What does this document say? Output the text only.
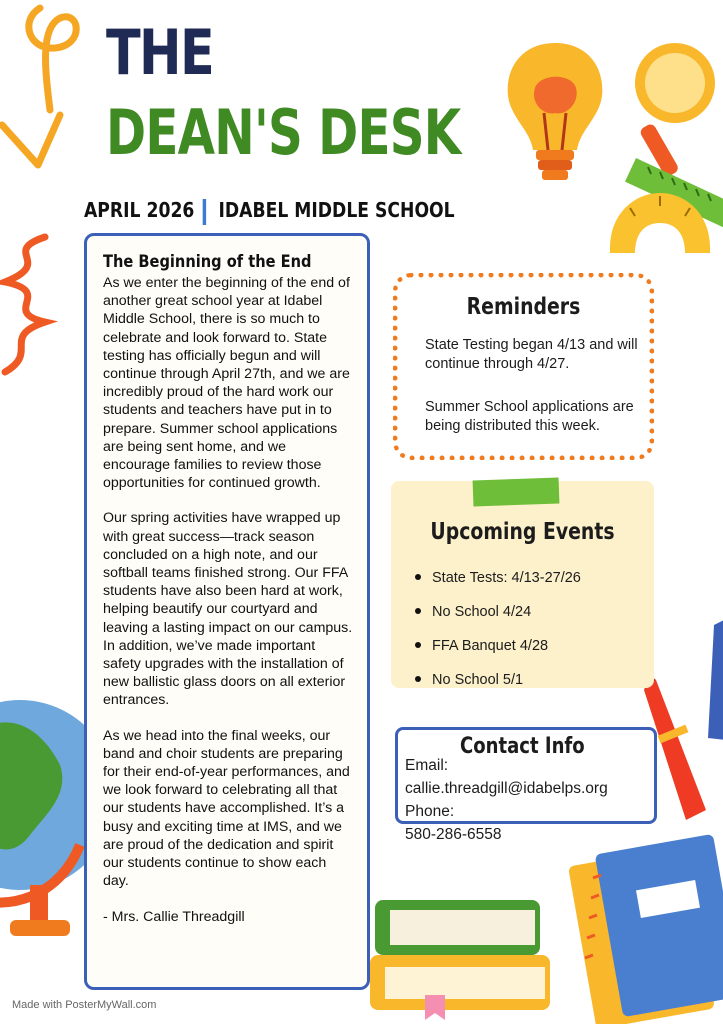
THE
DEAN'S DESK
APRIL 2026 IDABEL MIDDLE SCHOOL
The Beginning of the End

As we enter the beginning of the end of another great school year at Idabel Middle School, there is so much to celebrate and look forward to. State testing has officially begun and will continue through April 27th, and we are incredibly proud of the hard work our students and teachers have put in to prepare. Summer school applications are being sent home, and we encourage families to review those opportunities for continued growth.

Our spring activities have wrapped up with great success—track season concluded on a high note, and our softball teams finished strong. Our FFA students have also been hard at work, helping beautify our courtyard and leaving a lasting impact on our campus. In addition, we’ve made important safety upgrades with the installation of new ballistic glass doors on all exterior entrances.

As we head into the final weeks, our band and choir students are preparing for their end-of-year performances, and we look forward to celebrating all that our students have accomplished. It’s a busy and exciting time at IMS, and we are proud of the dedication and spirit our students continue to show each day.

- Mrs. Callie Threadgill

Reminders
State Testing began 4/13 and will continue through 4/27.
Summer School applications are being distributed this week.
Upcoming Events
State Tests: 4/13-27/26
No School 4/24
FFA Banquet 4/28
No School 5/1
Contact Info
Email:
callie.threadgill@idabelps.org
Phone:
580-286-6558
Made with PosterMyWall.com
